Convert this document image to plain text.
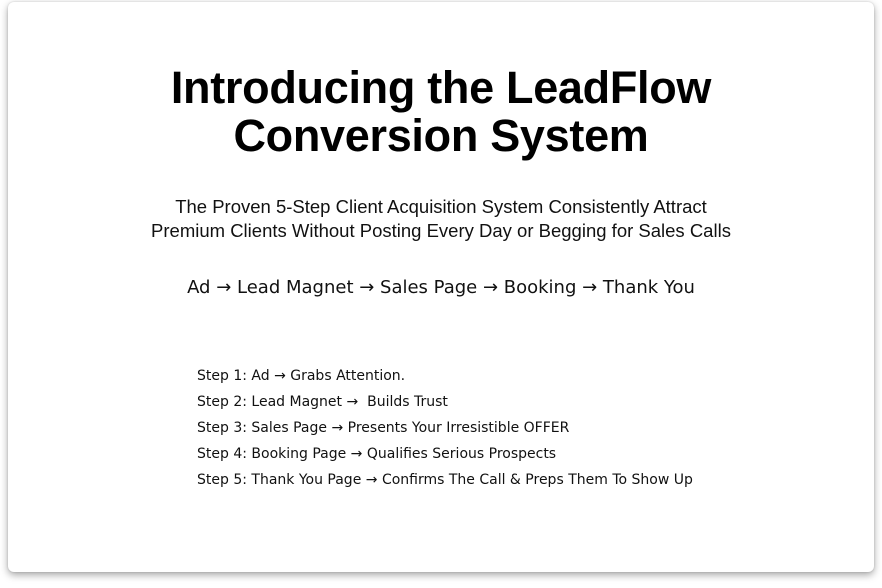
Introducing the LeadFlow
Conversion System
The Proven 5-Step Client Acquisition System Consistently Attract
Premium Clients Without Posting Every Day or Begging for Sales Calls
Ad → Lead Magnet → Sales Page → Booking → Thank You
Step 1: Ad → Grabs Attention.
Step 2: Lead Magnet →  Builds Trust
Step 3: Sales Page → Presents Your Irresistible OFFER
Step 4: Booking Page → Qualifies Serious Prospects
Step 5: Thank You Page → Confirms The Call & Preps Them To Show Up
